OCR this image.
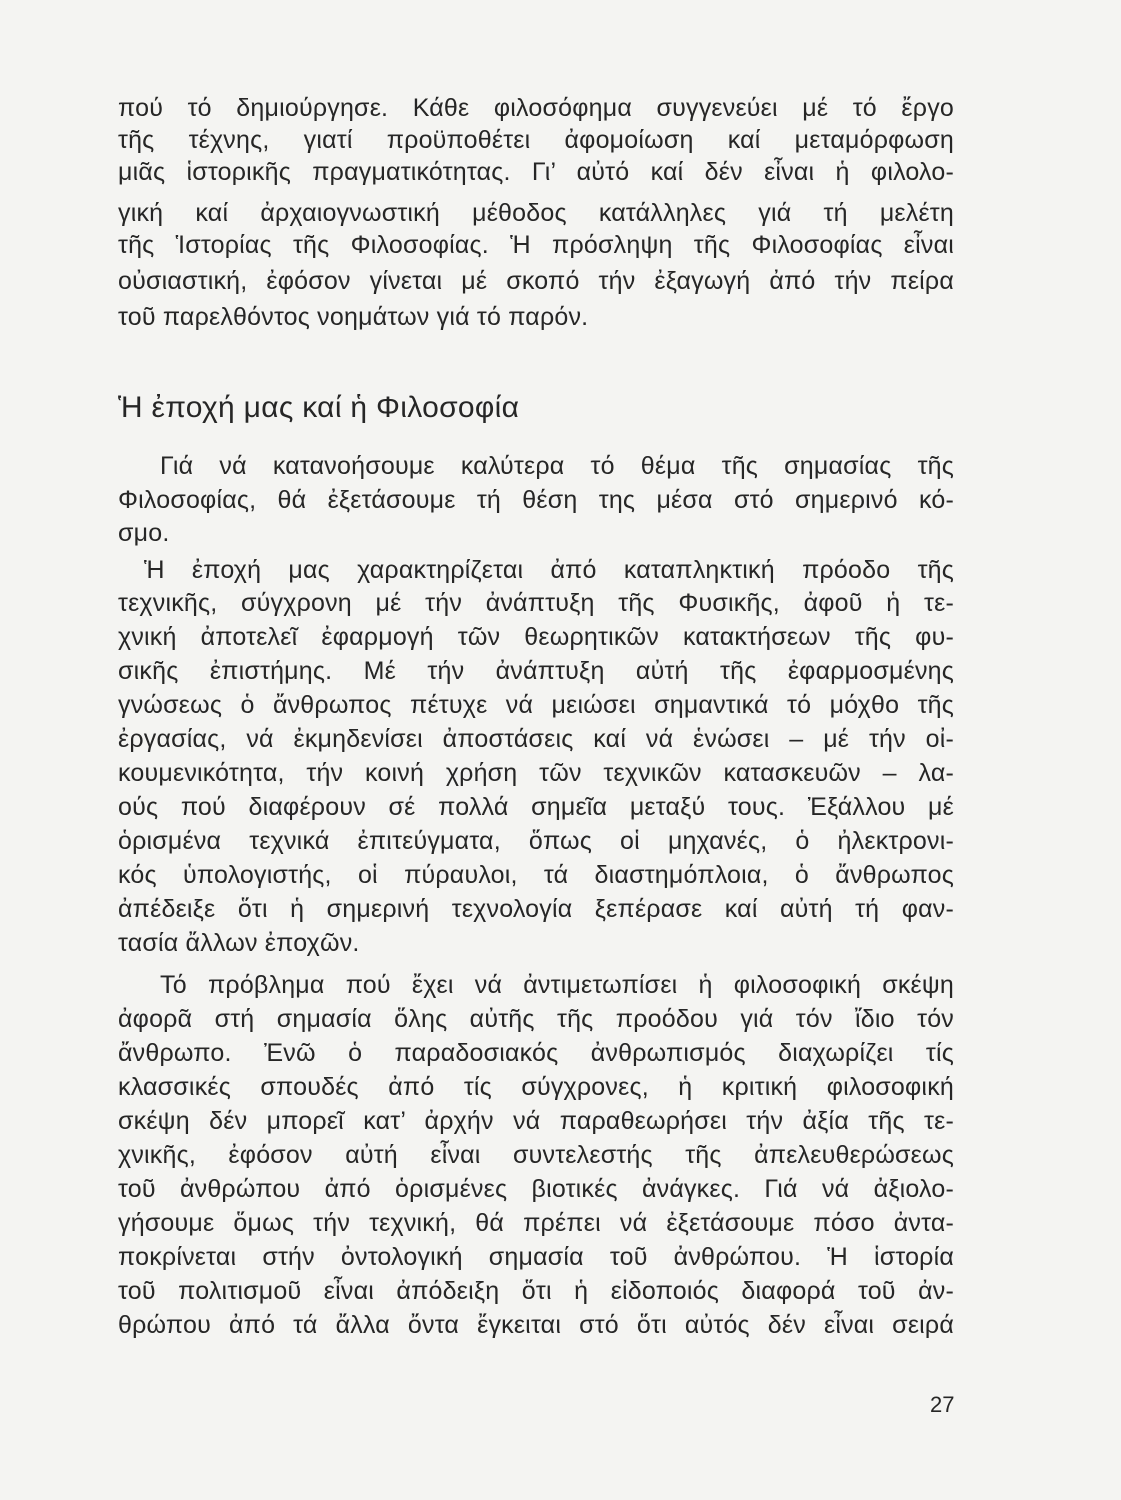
πού τό δημιούργησε. Κάθε φιλοσόφημα συγγενεύει μέ τό ἔργο
τῆς τέχνης, γιατί προϋποθέτει ἀφομοίωση καί μεταμόρφωση
μιᾶς ἱστορικῆς πραγματικότητας. Γι’ αὐτό καί δέν εἶναι ἡ φιλολο-
γική καί ἀρχαιογνωστική μέθοδος κατάλληλες γιά τή μελέτη
τῆς Ἱστορίας τῆς Φιλοσοφίας. Ἡ πρόσληψη τῆς Φιλοσοφίας εἶναι
οὐσιαστική, ἐφόσον γίνεται μέ σκοπό τήν ἐξαγωγή ἀπό τήν πείρα
τοῦ παρελθόντος νοημάτων γιά τό παρόν.
Ἡ ἐποχή μας καί ἡ Φιλοσοφία
Γιά νά κατανοήσουμε καλύτερα τό θέμα τῆς σημασίας τῆς
Φιλοσοφίας, θά ἐξετάσουμε τή θέση της μέσα στό σημερινό κό-
σμο.
Ἡ ἐποχή μας χαρακτηρίζεται ἀπό καταπληκτική πρόοδο τῆς
τεχνικῆς, σύγχρονη μέ τήν ἀνάπτυξη τῆς Φυσικῆς, ἀφοῦ ἡ τε-
χνική ἀποτελεῖ ἐφαρμογή τῶν θεωρητικῶν κατακτήσεων τῆς φυ-
σικῆς ἐπιστήμης. Μέ τήν ἀνάπτυξη αὐτή τῆς ἐφαρμοσμένης
γνώσεως ὁ ἄνθρωπος πέτυχε νά μειώσει σημαντικά τό μόχθο τῆς
ἐργασίας, νά ἐκμηδενίσει ἀποστάσεις καί νά ἑνώσει – μέ τήν οἰ-
κουμενικότητα, τήν κοινή χρήση τῶν τεχνικῶν κατασκευῶν – λα-
ούς πού διαφέρουν σέ πολλά σημεῖα μεταξύ τους. Ἐξάλλου μέ
ὁρισμένα τεχνικά ἐπιτεύγματα, ὅπως οἱ μηχανές, ὁ ἠλεκτρονι-
κός ὑπολογιστής, οἱ πύραυλοι, τά διαστημόπλοια, ὁ ἄνθρωπος
ἀπέδειξε ὅτι ἡ σημερινή τεχνολογία ξεπέρασε καί αὐτή τή φαν-
τασία ἄλλων ἐποχῶν.
Τό πρόβλημα πού ἔχει νά ἀντιμετωπίσει ἡ φιλοσοφική σκέψη
ἀφορᾶ στή σημασία ὅλης αὐτῆς τῆς προόδου γιά τόν ἴδιο τόν
ἄνθρωπο. Ἐνῶ ὁ παραδοσιακός ἀνθρωπισμός διαχωρίζει τίς
κλασσικές σπουδές ἀπό τίς σύγχρονες, ἡ κριτική φιλοσοφική
σκέψη δέν μπορεῖ κατ’ ἀρχήν νά παραθεωρήσει τήν ἀξία τῆς τε-
χνικῆς, ἐφόσον αὐτή εἶναι συντελεστής τῆς ἀπελευθερώσεως
τοῦ ἀνθρώπου ἀπό ὁρισμένες βιοτικές ἀνάγκες. Γιά νά ἀξιολο-
γήσουμε ὅμως τήν τεχνική, θά πρέπει νά ἐξετάσουμε πόσο ἀντα-
ποκρίνεται στήν ὀντολογική σημασία τοῦ ἀνθρώπου. Ἡ ἱστορία
τοῦ πολιτισμοῦ εἶναι ἀπόδειξη ὅτι ἡ εἰδοποιός διαφορά τοῦ ἀν-
θρώπου ἀπό τά ἄλλα ὄντα ἔγκειται στό ὅτι αὐτός δέν εἶναι σειρά
27
